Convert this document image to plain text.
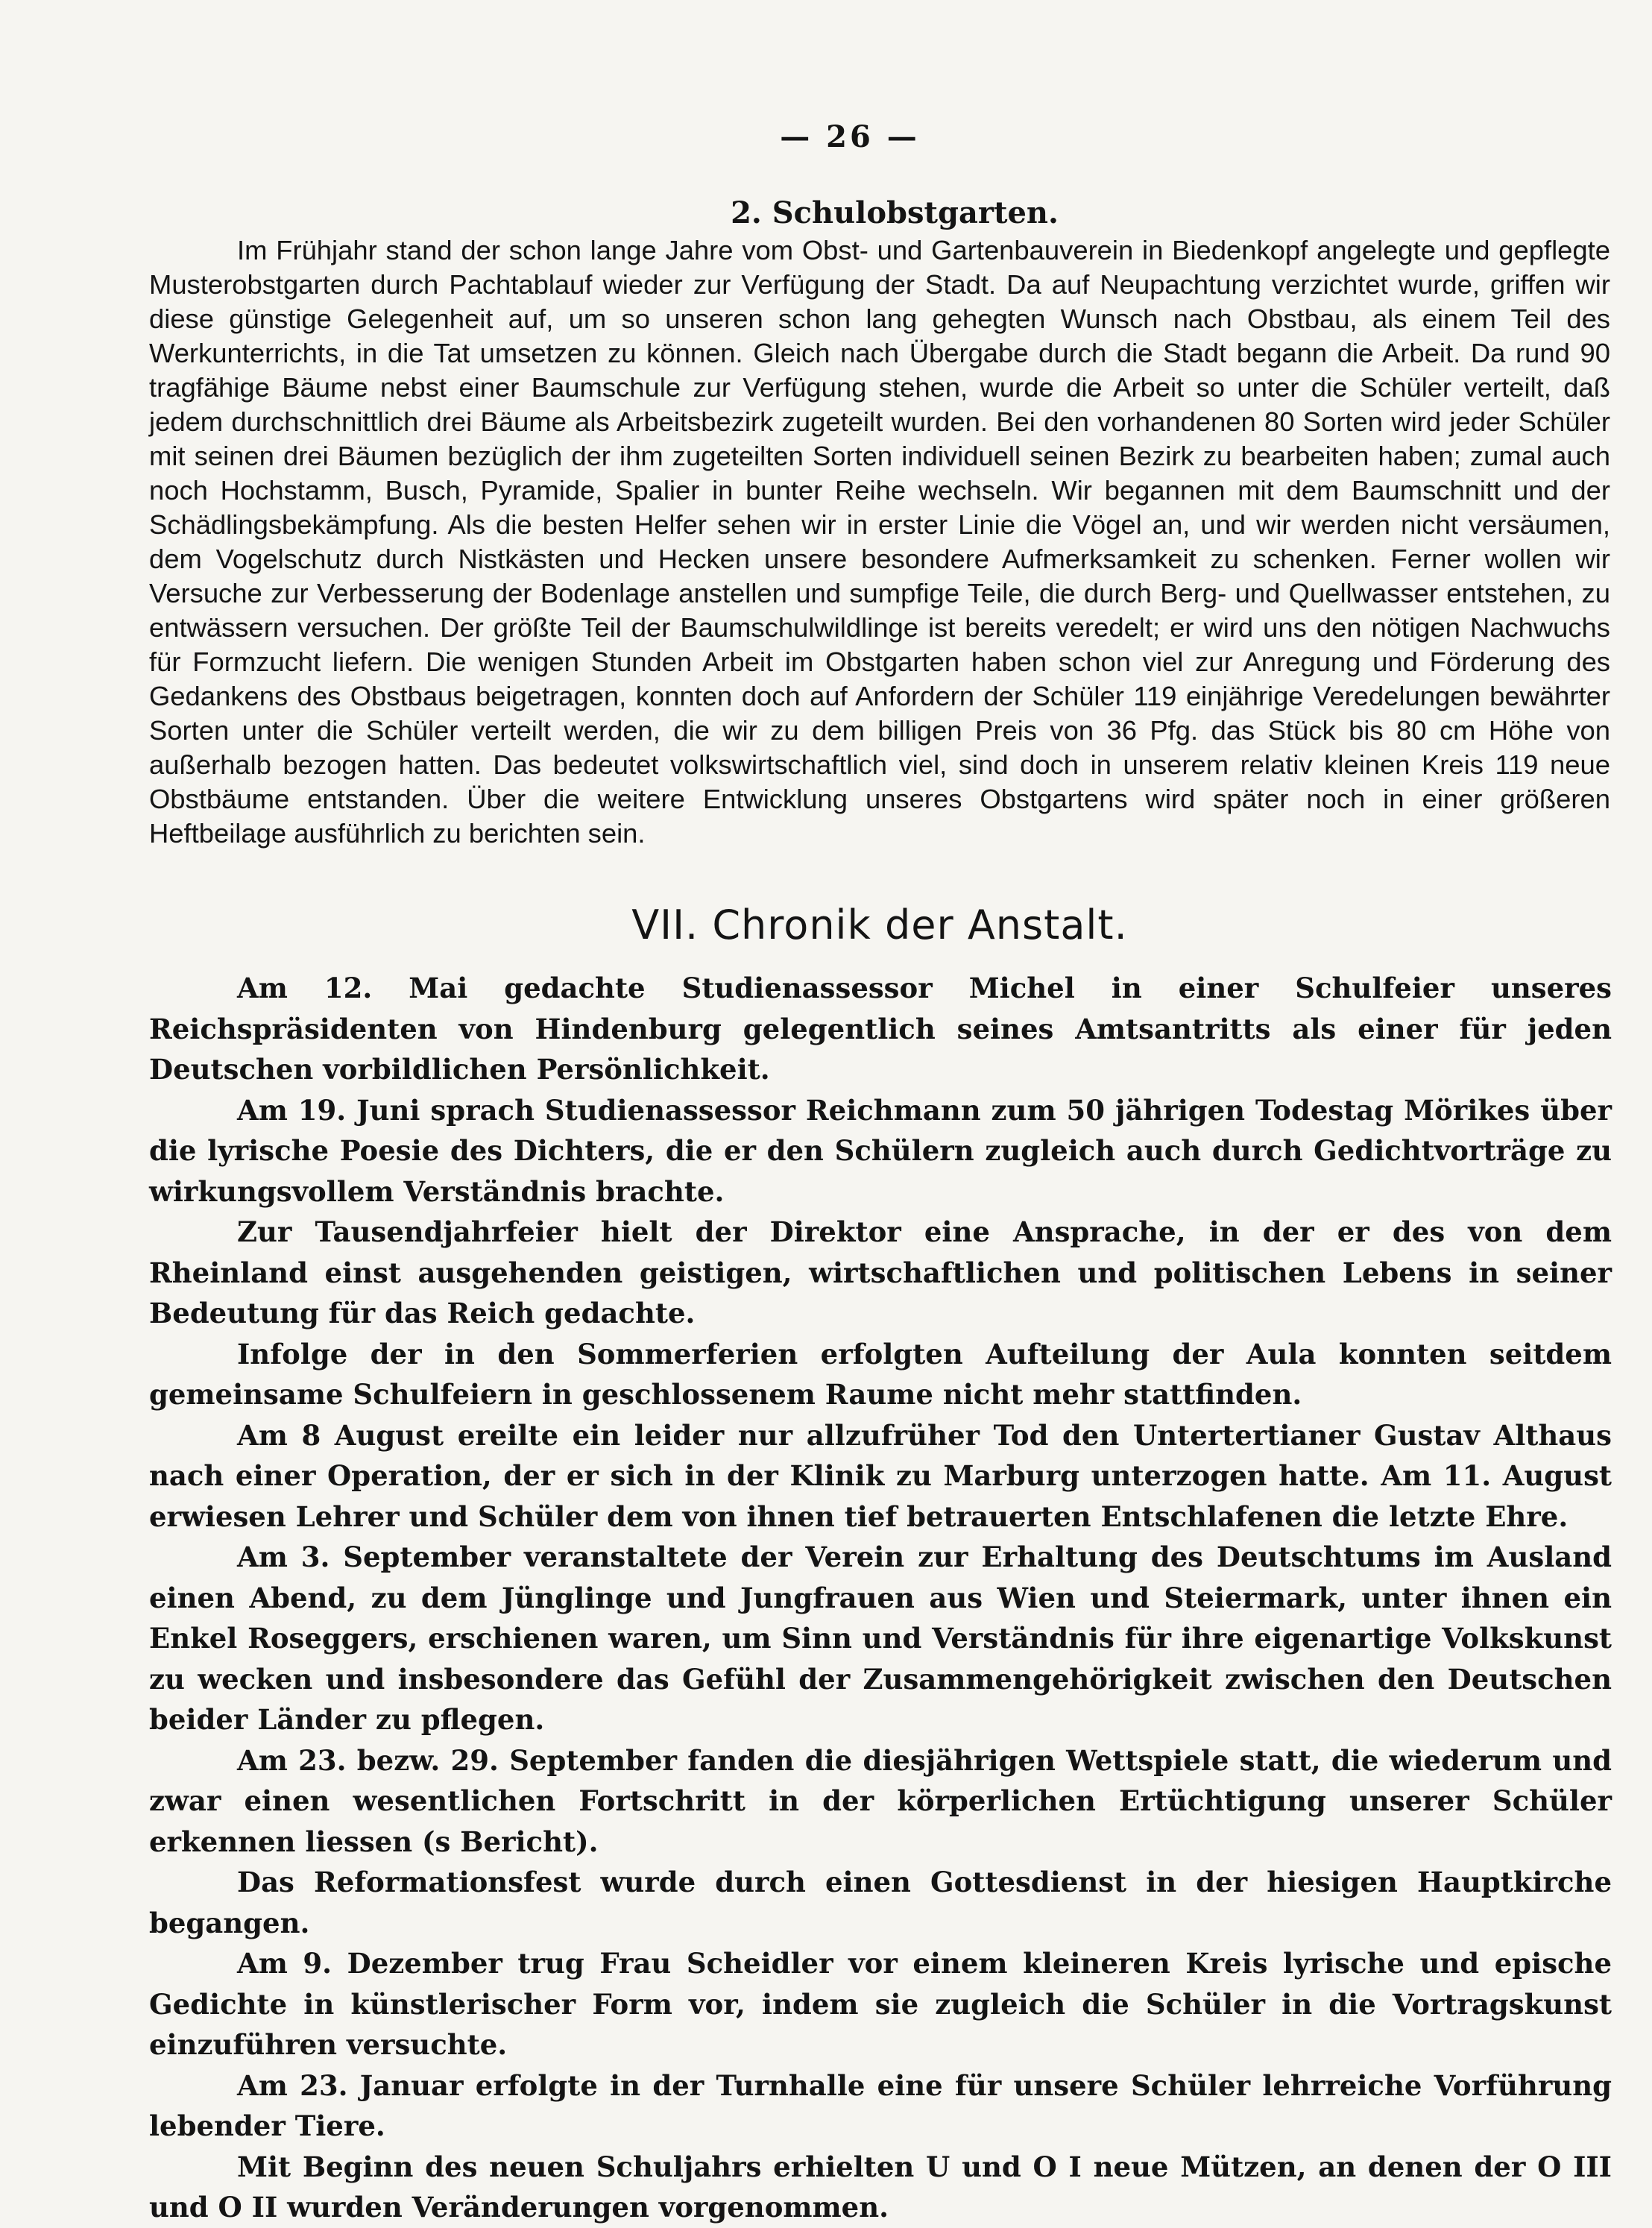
— 26 —
2. Schulobstgarten.

Im Frühjahr stand der schon lange Jahre vom Obst- und Gartenbauverein in Biedenkopf angelegte und gepflegte Musterobstgarten durch Pachtablauf wieder zur Verfügung der Stadt. Da auf Neupachtung verzichtet wurde, griffen wir diese günstige Gelegenheit auf, um so unseren schon lang gehegten Wunsch nach Obstbau, als einem Teil des Werkunterrichts, in die Tat umsetzen zu können. Gleich nach Übergabe durch die Stadt begann die Arbeit. Da rund 90 tragfähige Bäume nebst einer Baumschule zur Verfügung stehen, wurde die Arbeit so unter die Schüler verteilt, daß jedem durchschnittlich drei Bäume als Arbeitsbezirk zugeteilt wurden. Bei den vorhandenen 80 Sorten wird jeder Schüler mit seinen drei Bäumen bezüglich der ihm zugeteilten Sorten individuell seinen Bezirk zu bearbeiten haben; zumal auch noch Hochstamm, Busch, Pyramide, Spalier in bunter Reihe wechseln. Wir begannen mit dem Baumschnitt und der Schädlingsbekämpfung. Als die besten Helfer sehen wir in erster Linie die Vögel an, und wir werden nicht versäumen, dem Vogelschutz durch Nistkästen und Hecken unsere besondere Aufmerksamkeit zu schenken. Ferner wollen wir Versuche zur Verbesserung der Bodenlage anstellen und sumpfige Teile, die durch Berg- und Quellwasser entstehen, zu entwässern versuchen. Der größte Teil der Baumschulwildlinge ist bereits veredelt; er wird uns den nötigen Nachwuchs für Formzucht liefern. Die wenigen Stunden Arbeit im Obstgarten haben schon viel zur Anregung und Förderung des Gedankens des Obstbaus beigetragen, konnten doch auf Anfordern der Schüler 119 einjährige Veredelungen bewährter Sorten unter die Schüler verteilt werden, die wir zu dem billigen Preis von 36 Pfg. das Stück bis 80 cm Höhe von außerhalb bezogen hatten. Das bedeutet volkswirtschaftlich viel, sind doch in unserem relativ kleinen Kreis 119 neue Obstbäume entstanden. Über die weitere Entwicklung unseres Obstgartens wird später noch in einer größeren Heftbeilage ausführlich zu berichten sein.

VII. Chronik der Anstalt.

Am 12. Mai gedachte Studienassessor Michel in einer Schulfeier unseres Reichspräsidenten von Hindenburg gelegentlich seines Amtsantritts als einer für jeden Deutschen vorbildlichen Persönlichkeit.

Am 19. Juni sprach Studienassessor Reichmann zum 50 jährigen Todestag Mörikes über die lyrische Poesie des Dichters, die er den Schülern zugleich auch durch Gedichtvorträge zu wirkungsvollem Verständnis brachte.

Zur Tausendjahrfeier hielt der Direktor eine Ansprache, in der er des von dem Rheinland einst ausgehenden geistigen, wirtschaftlichen und politischen Lebens in seiner Bedeutung für das Reich gedachte.

Infolge der in den Sommerferien erfolgten Aufteilung der Aula konnten seitdem gemeinsame Schulfeiern in geschlossenem Raume nicht mehr stattfinden.

Am 8 August ereilte ein leider nur allzufrüher Tod den Untertertianer Gustav Althaus nach einer Operation, der er sich in der Klinik zu Marburg unterzogen hatte. Am 11. August erwiesen Lehrer und Schüler dem von ihnen tief betrauerten Entschlafenen die letzte Ehre.

Am 3. September veranstaltete der Verein zur Erhaltung des Deutschtums im Ausland einen Abend, zu dem Jünglinge und Jungfrauen aus Wien und Steiermark, unter ihnen ein Enkel Roseggers, erschienen waren, um Sinn und Verständnis für ihre eigenartige Volkskunst zu wecken und insbesondere das Gefühl der Zusammengehörigkeit zwischen den Deutschen beider Länder zu pflegen.

Am 23. bezw. 29. September fanden die diesjährigen Wettspiele statt, die wiederum und zwar einen wesentlichen Fortschritt in der körperlichen Ertüchtigung unserer Schüler erkennen liessen (s Bericht).

Das Reformationsfest wurde durch einen Gottesdienst in der hiesigen Hauptkirche begangen.

Am 9. Dezember trug Frau Scheidler vor einem kleineren Kreis lyrische und epische Gedichte in künstlerischer Form vor, indem sie zugleich die Schüler in die Vortragskunst einzuführen versuchte.

Am 23. Januar erfolgte in der Turnhalle eine für unsere Schüler lehrreiche Vorführung lebender Tiere.

Mit Beginn des neuen Schuljahrs erhielten U und O I neue Mützen, an denen der O III und O II wurden Veränderungen vorgenommen.
